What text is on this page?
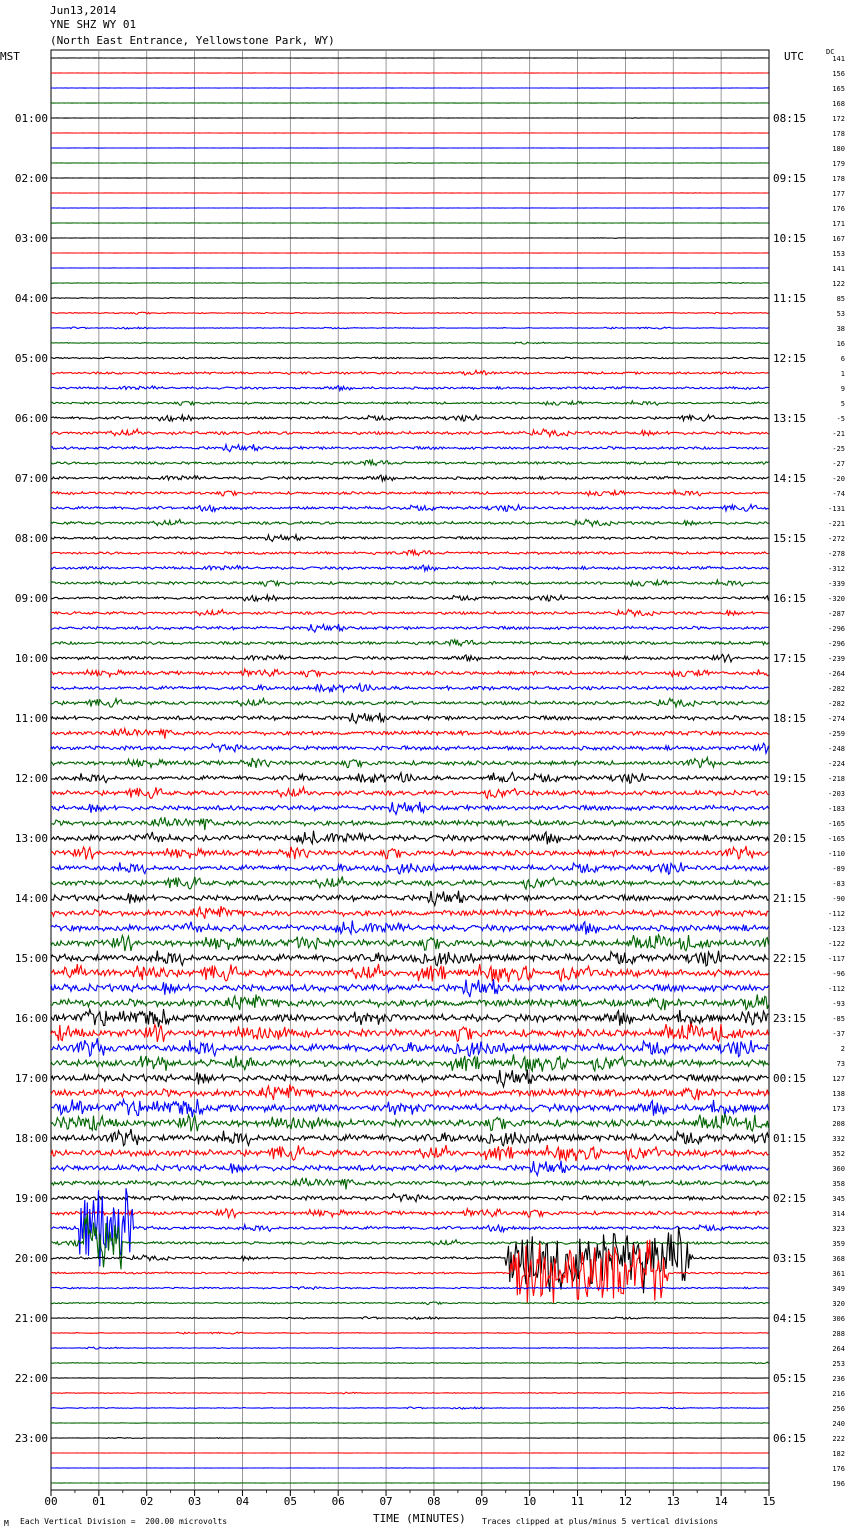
Jun13,2014
YNE SHZ WY 01
(North East Entrance, Yellowstone Park, WY)
MST	UTC	DC
00	01	02	03	04	05	06	07	08	09	10	11	12	13	14	15
141
156
165
168
172
178
180
179
178
177
176
171
167
153
141
122
85
53
38
16
6
1
9
5
-5
-21
-25
-27
-20
-74
-131
-221
-272
-278
-312
-339
-320
-287
-296
-296
-239
-264
-282
-282
-274
-259
-248
-224
-218
-203
-183
-165
-165
-110
-89
-83
-90
-112
-123
-122
-117
-96
-112
-93
-85
-37
2
73
127
138
173
208
332
352
360
358
345
314
323
359
368
361
349
320
306
288
264
253
236
216
256
240
222
182
176
196
01:00
02:00
03:00
04:00
05:00
06:00
07:00
08:00
09:00
10:00
11:00
12:00
13:00
14:00
15:00
16:00
17:00
18:00
19:00
20:00
21:00
22:00
23:00
08:15
09:15
10:15
11:15
12:15
13:15
14:15
15:15
16:15
17:15
18:15
19:15
20:15
21:15
22:15
23:15
00:15
01:15
02:15
03:15
04:15
05:15
06:15
TIME (MINUTES)
M Each Vertical Division =  200.00 microvolts	Traces clipped at plus/minus 5 vertical divisions
